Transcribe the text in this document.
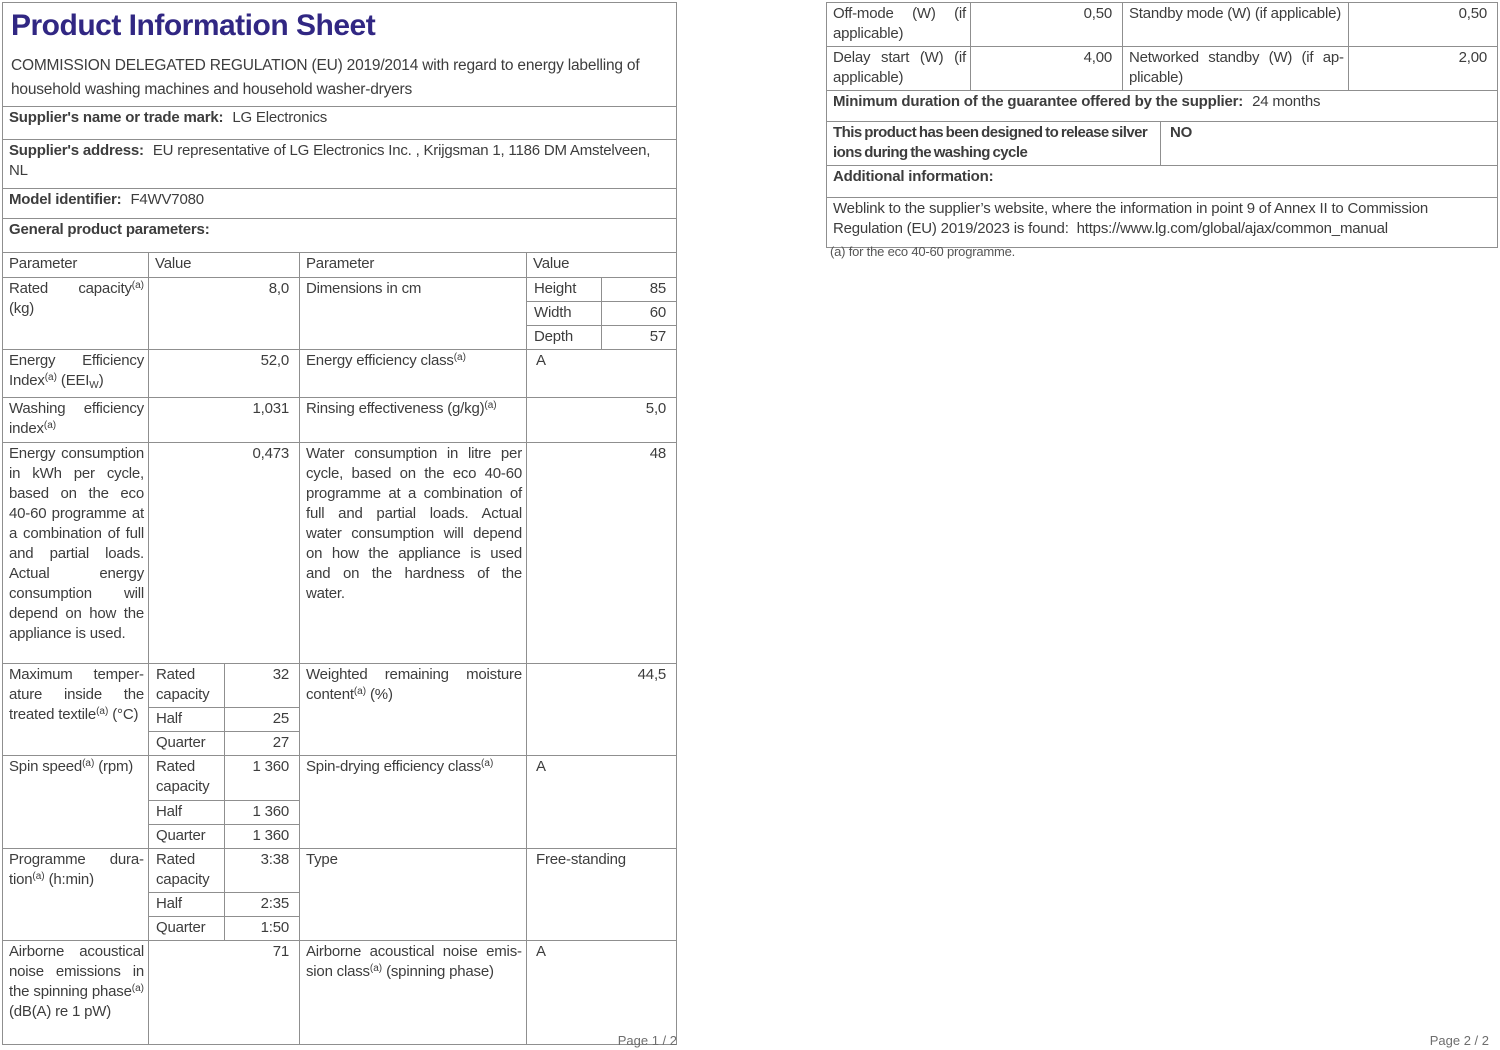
Product Information Sheet
COMMISSION DELEGATED REGULATION (EU) 2019/2014 with regard to energy labelling of household washing machines and household washer-dryers					

Supplier's name or trade mark: LG Electronics					
Supplier's address: EU representative of LG Electronics Inc. , Krijgsman 1, 1186 DM Amstelveen, NL					
Model identifier: F4WV7080					
General product parameters:					
Parameter	Value		Parameter	Value	
Rated capacity$^{(a)}$ (kg)	8,0		Dimensions in cm	Height	85
				Width	60
				Depth	57
Energy Efficiency Index$^{(a)}$ $(EEI_W)$	52,0		Energy efficiency class$^{(a)}$	A	
Washing efficiency index$^{(a)}$	1,031		Rinsing effectiveness $(g/kg)^{(a)}$	5,0	
Energy consumption in kWh per cycle, based on the eco 40-60 programme at a combination of full and partial loads. Actual energy consumption will depend on how the appliance is used.	0,473		Water consumption in litre per cycle, based on the eco 40-60 programme at a combination of full and partial loads. Actual water consumption will depend on how the appliance is used and on the hardness of the water.	48	
Maximum temperature inside the treated textile$^{(a)}$ (°C)	Rated capacity	32	Weighted remaining moisture content$^{(a)}$ (%)	44,5	
	Half	25			
	Quarter	27			
Spin speed$^{(a)}$ (rpm)	Rated capacity	1 360	Spin-drying efficiency class$^{(a)}$	A	
	Half	1 360			
	Quarter	1 360			
Programme duration$^{(a)}$ (h:min)	Rated capacity	3:38	Type	Free-standing	
	Half	2:35			
	Quarter	1:50			
Airborne acoustical noise emissions in the spinning phase$^{(a)}$ (dB(A) re 1 pW)	71		Airborne acoustical noise emission class$^{(a)}$ (spinning phase)	A	
Page 1 / 2
Off-mode (W) (if applicable)	0,50	Standby mode (W) (if applicable)		0,50
Delay start (W) (if applicable)	4,00	Networked standby (W) (if applicable)		2,00
Minimum duration of the guarantee offered by the supplier: 24 months				
This product has been designed to release silver ions during the washing cycle			NO	
Additional information:				
Weblink to the supplier’s website, where the information in point 9 of Annex II to Commission Regulation (EU) 2019/2023 is found:  https://www.lg.com/global/ajax/common_manual				
(a) for the eco 40-60 programme.
Page 2 / 2
